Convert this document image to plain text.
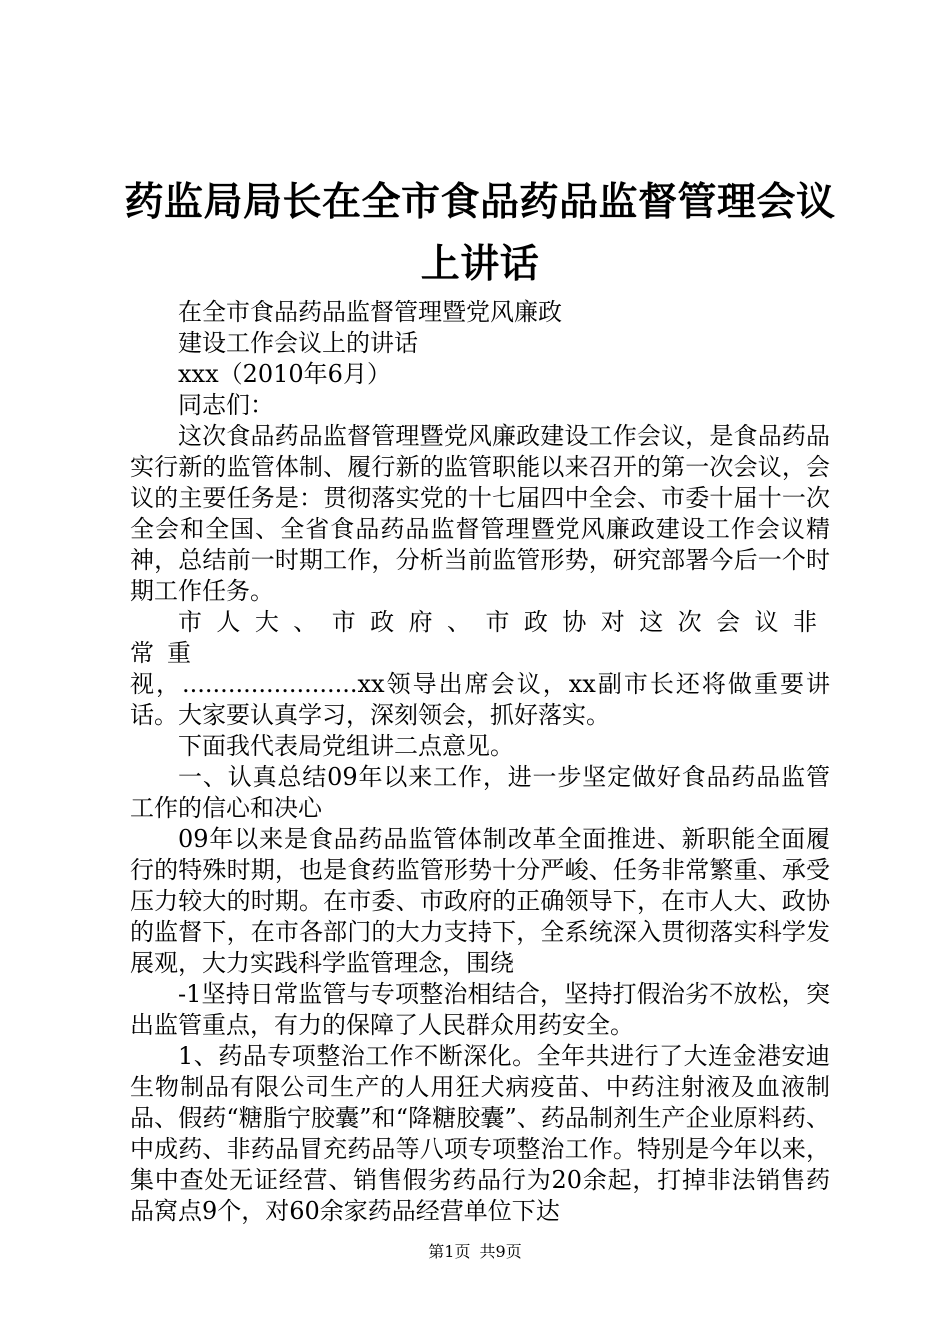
药监局局长在全市食品药品监督管理会议上讲话

在全市食品药品监督管理暨党风廉政

建设工作会议上的讲话

xxx（2010年6月）

同志们：

这次食品药品监督管理暨党风廉政建设工作会议，是食品药品实行新的监管体制、履行新的监管职能以来召开的第一次会议，会议的主要任务是：贯彻落实党的十七届四中全会、市委十届十一次全会和全国、全省食品药品监督管理暨党风廉政建设工作会议精神，总结前一时期工作，分析当前监管形势，研究部署今后一个时期工作任务。

市人大、市政府、市政协对这次会议非常重

视，.......................xx领导出席会议，xx副市长还将做重要讲话。大家要认真学习，深刻领会，抓好落实。

下面我代表局党组讲二点意见。

一、认真总结09年以来工作，进一步坚定做好食品药品监管工作的信心和决心

09年以来是食品药品监管体制改革全面推进、新职能全面履行的特殊时期，也是食药监管形势十分严峻、任务非常繁重、承受压力较大的时期。在市委、市政府的正确领导下，在市人大、政协的监督下，在市各部门的大力支持下，全系统深入贯彻落实科学发展观，大力实践科学监管理念，围绕

-1坚持日常监管与专项整治相结合，坚持打假治劣不放松，突出监管重点，有力的保障了人民群众用药安全。

1、药品专项整治工作不断深化。全年共进行了大连金港安迪生物制品有限公司生产的人用狂犬病疫苗、中药注射液及血液制品、假药“糖脂宁胶囊”和“降糖胶囊”、药品制剂生产企业原料药、中成药、非药品冒充药品等八项专项整治工作。特别是今年以来，集中查处无证经营、销售假劣药品行为20余起，打掉非法销售药品窝点9个，对60余家药品经营单位下达

第1页 共9页
